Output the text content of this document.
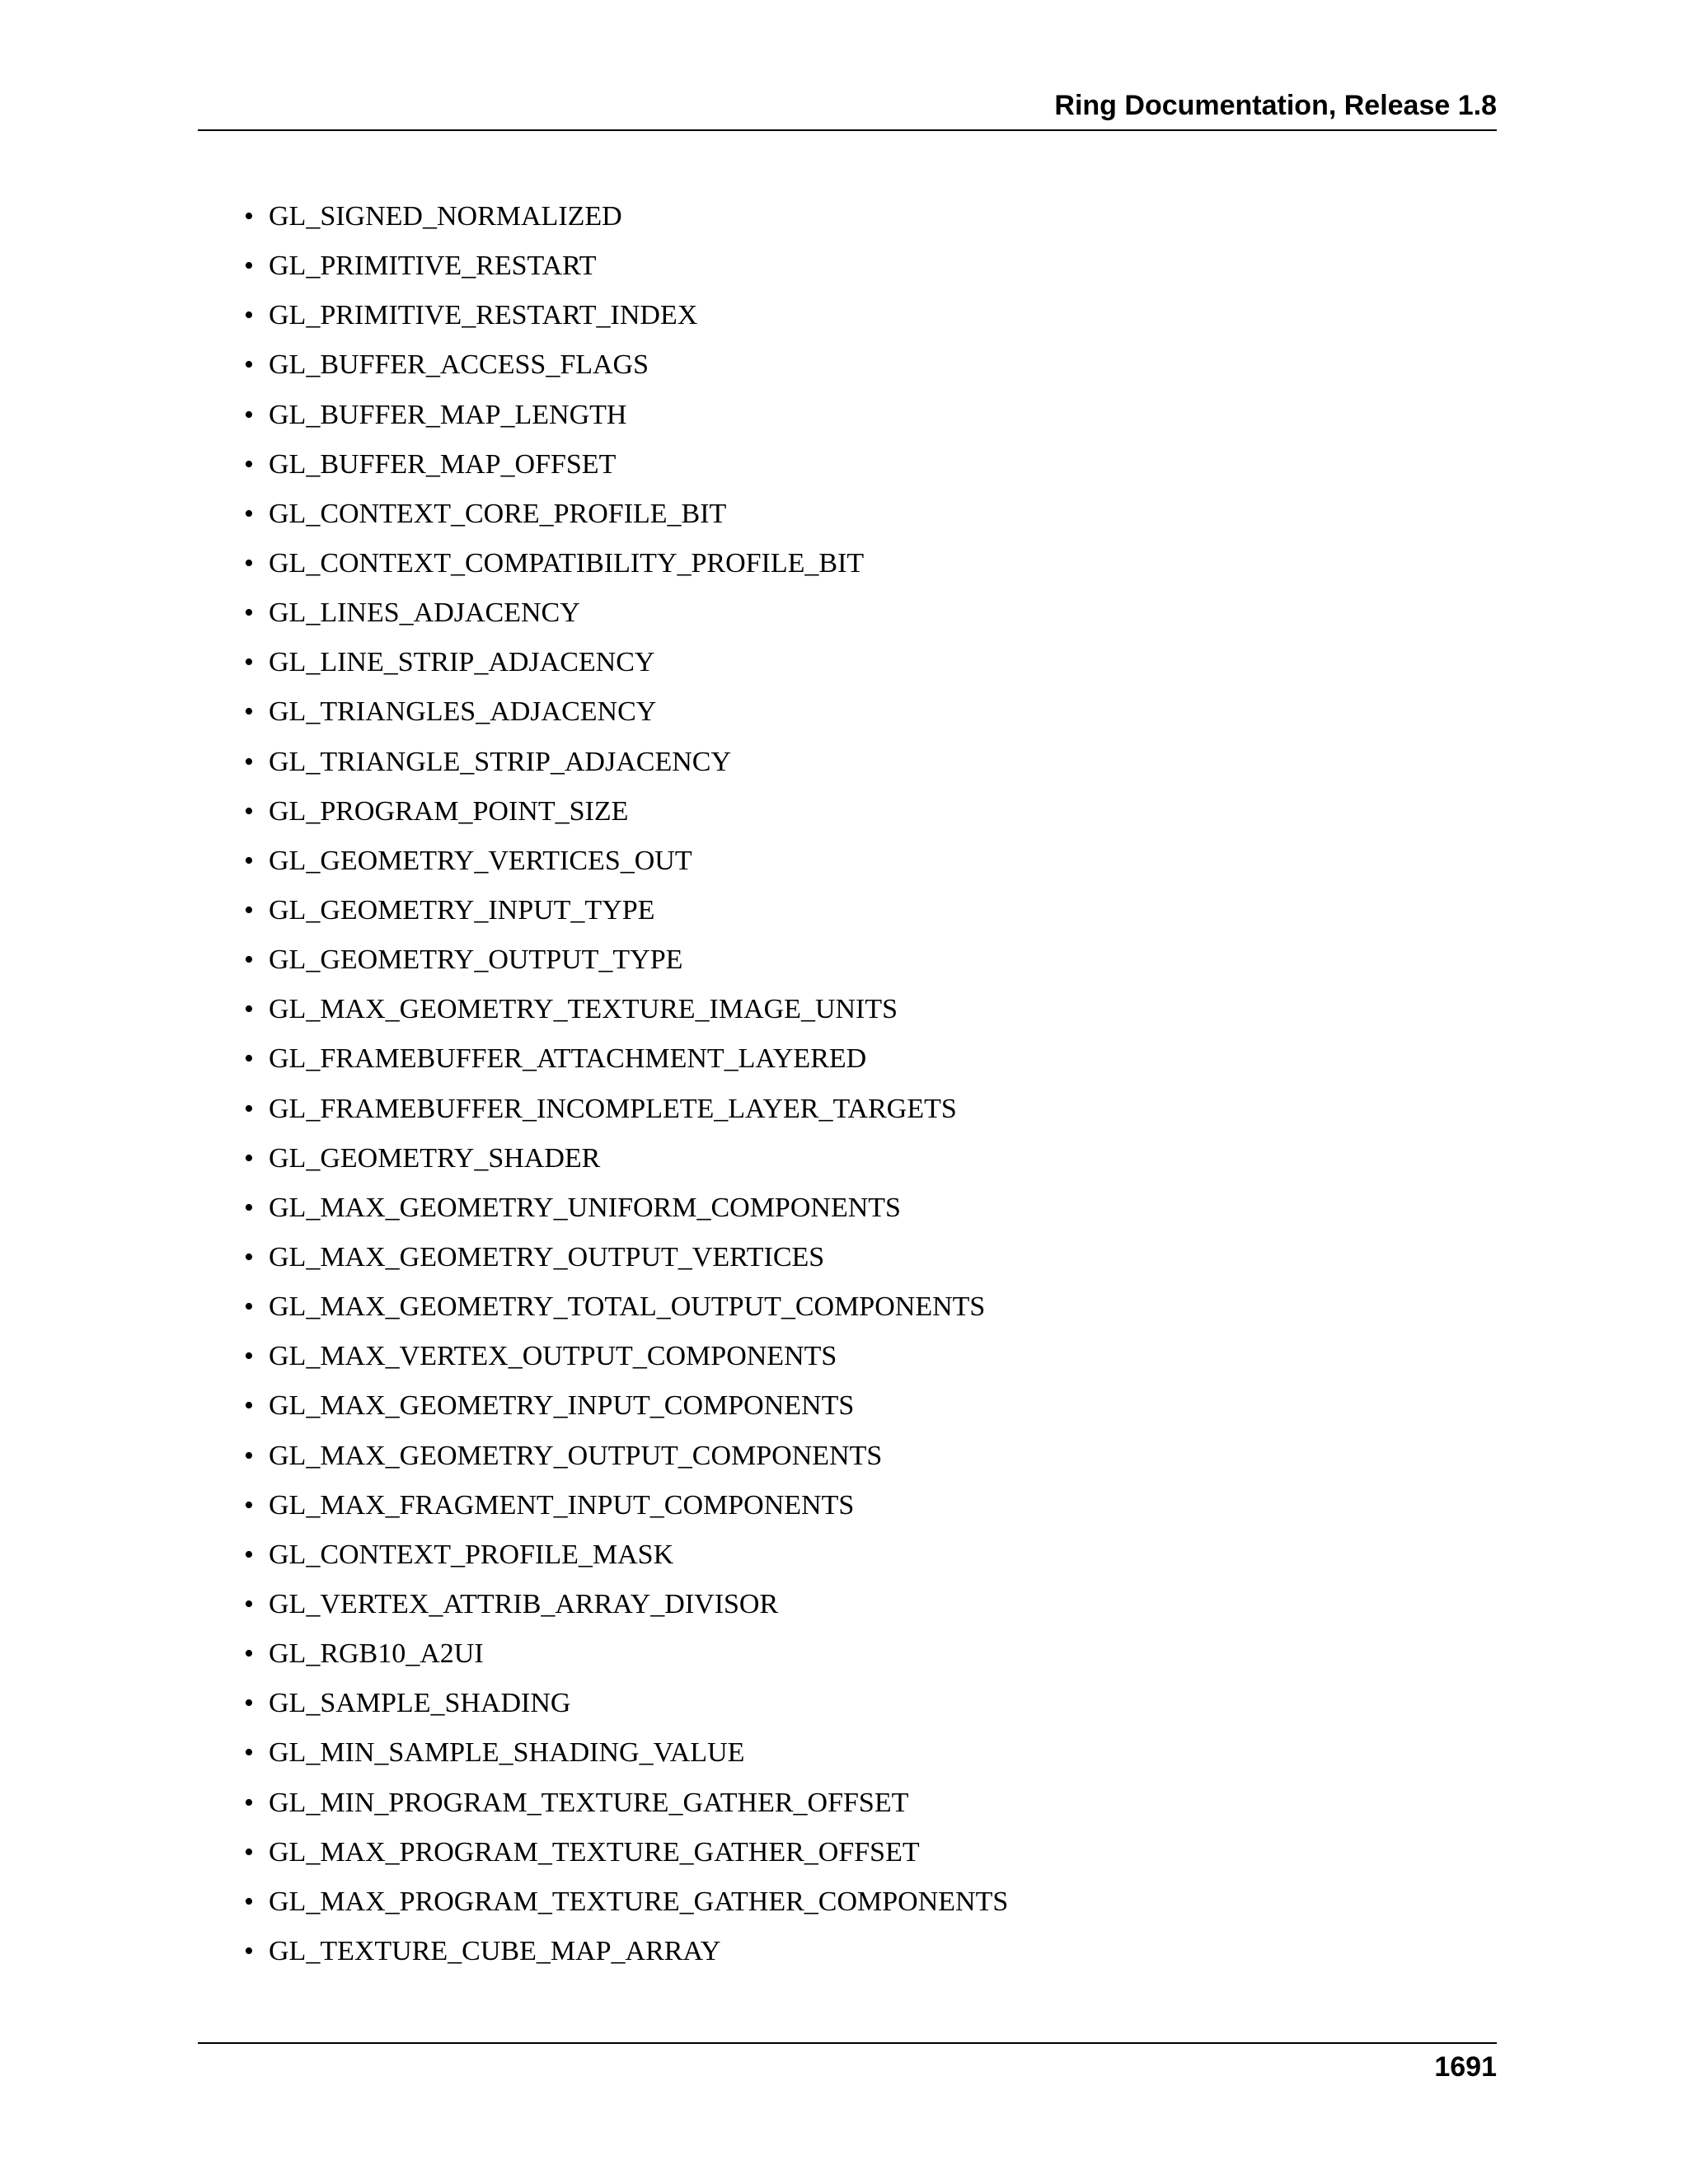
Ring Documentation, Release 1.8
• GL_SIGNED_NORMALIZED
• GL_PRIMITIVE_RESTART
• GL_PRIMITIVE_RESTART_INDEX
• GL_BUFFER_ACCESS_FLAGS
• GL_BUFFER_MAP_LENGTH
• GL_BUFFER_MAP_OFFSET
• GL_CONTEXT_CORE_PROFILE_BIT
• GL_CONTEXT_COMPATIBILITY_PROFILE_BIT
• GL_LINES_ADJACENCY
• GL_LINE_STRIP_ADJACENCY
• GL_TRIANGLES_ADJACENCY
• GL_TRIANGLE_STRIP_ADJACENCY
• GL_PROGRAM_POINT_SIZE
• GL_GEOMETRY_VERTICES_OUT
• GL_GEOMETRY_INPUT_TYPE
• GL_GEOMETRY_OUTPUT_TYPE
• GL_MAX_GEOMETRY_TEXTURE_IMAGE_UNITS
• GL_FRAMEBUFFER_ATTACHMENT_LAYERED
• GL_FRAMEBUFFER_INCOMPLETE_LAYER_TARGETS
• GL_GEOMETRY_SHADER
• GL_MAX_GEOMETRY_UNIFORM_COMPONENTS
• GL_MAX_GEOMETRY_OUTPUT_VERTICES
• GL_MAX_GEOMETRY_TOTAL_OUTPUT_COMPONENTS
• GL_MAX_VERTEX_OUTPUT_COMPONENTS
• GL_MAX_GEOMETRY_INPUT_COMPONENTS
• GL_MAX_GEOMETRY_OUTPUT_COMPONENTS
• GL_MAX_FRAGMENT_INPUT_COMPONENTS
• GL_CONTEXT_PROFILE_MASK
• GL_VERTEX_ATTRIB_ARRAY_DIVISOR
• GL_RGB10_A2UI
• GL_SAMPLE_SHADING
• GL_MIN_SAMPLE_SHADING_VALUE
• GL_MIN_PROGRAM_TEXTURE_GATHER_OFFSET
• GL_MAX_PROGRAM_TEXTURE_GATHER_OFFSET
• GL_MAX_PROGRAM_TEXTURE_GATHER_COMPONENTS
• GL_TEXTURE_CUBE_MAP_ARRAY
1691
